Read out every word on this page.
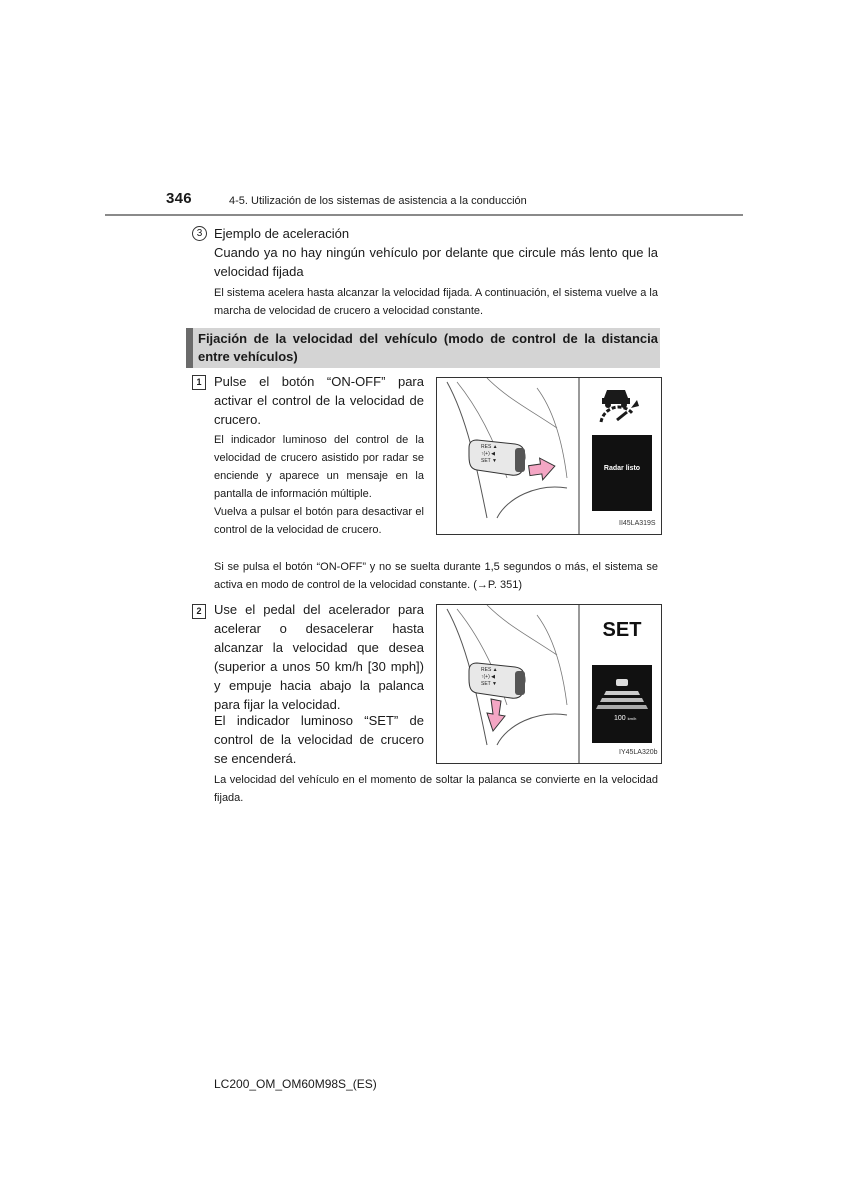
346	4-5. Utilización de los sistemas de asistencia a la conducción
3 Ejemplo de aceleración
Cuando ya no hay ningún vehículo por delante que circule más lento que la velocidad fijada
El sistema acelera hasta alcanzar la velocidad fijada. A continuación, el sistema vuelve a la marcha de velocidad de crucero a velocidad constante.
Fijación de la velocidad del vehículo (modo de control de la distancia entre vehículos)
1 Pulse el botón “ON-OFF” para activar el control de la velocidad de crucero.
El indicador luminoso del control de la velocidad de crucero asistido por radar se enciende y aparece un mensaje en la pantalla de información múltiple.
Vuelva a pulsar el botón para desactivar el control de la velocidad de crucero.
Si se pulsa el botón “ON-OFF” y no se suelta durante 1,5 segundos o más, el sistema se activa en modo de control de la velocidad constante. (→P. 351)
RES ▲
↑(+) ◀
SET ▼
Radar listo
II45LA319S
2 Use el pedal del acelerador para acelerar o desacelerar hasta alcanzar la velocidad que desea (superior a unos 50 km/h [30 mph]) y empuje hacia abajo la palanca para fijar la velocidad.
El indicador luminoso “SET” de control de la velocidad de crucero se encenderá.
La velocidad del vehículo en el momento de soltar la palanca se convierte en la velocidad fijada.
RES ▲
↑(+) ◀
SET ▼
SET
100 km/h
IY45LA320b
LC200_OM_OM60M98S_(ES)
